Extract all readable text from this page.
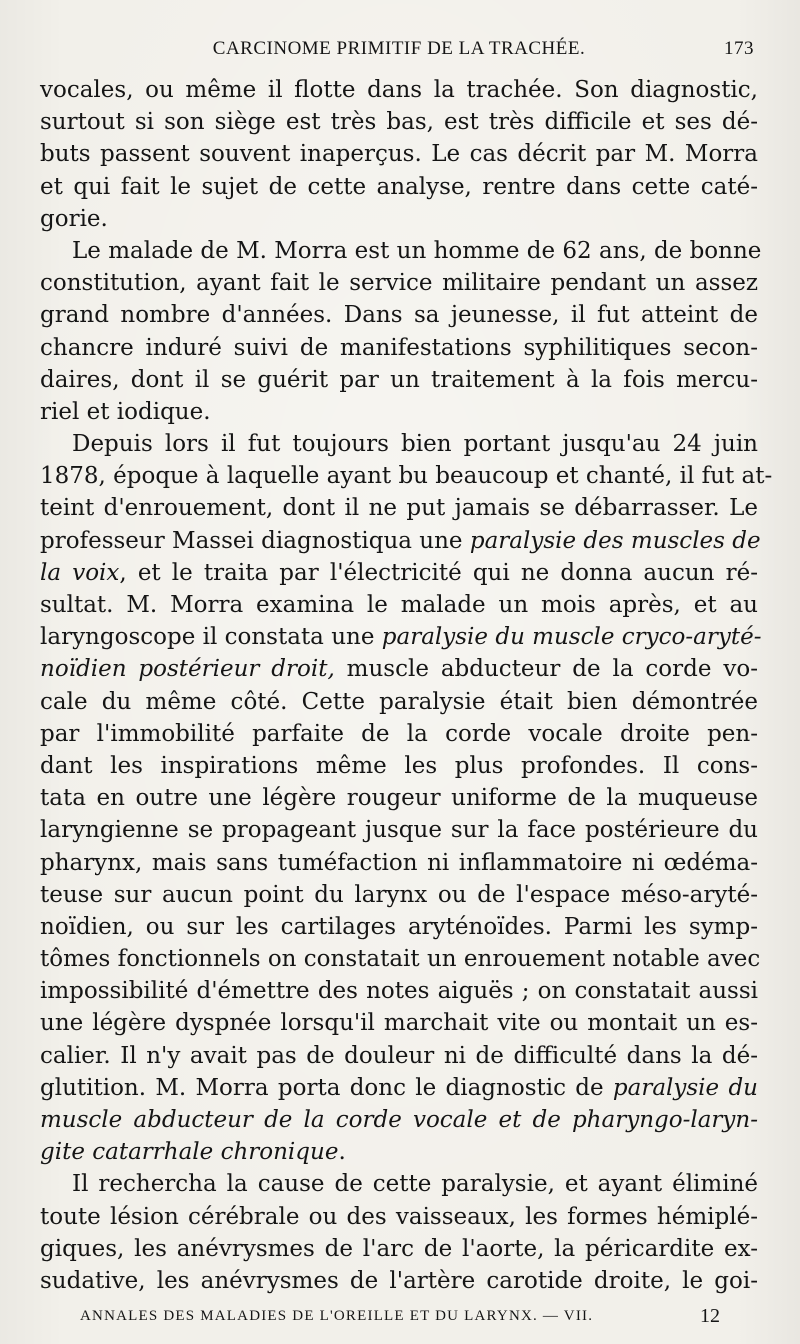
CARCINOME PRIMITIF DE LA TRACHÉE.	173
vocales, ou même il flotte dans la trachée. Son diagnostic,
surtout si son siège est très bas, est très difficile et ses dé-
buts passent souvent inaperçus. Le cas décrit par M. Morra
et qui fait le sujet de cette analyse, rentre dans cette caté-
gorie.
Le malade de M. Morra est un homme de 62 ans, de bonne
constitution, ayant fait le service militaire pendant un assez
grand nombre d'années. Dans sa jeunesse, il fut atteint de
chancre induré suivi de manifestations syphilitiques secon-
daires, dont il se guérit par un traitement à la fois mercu-
riel et iodique.
Depuis lors il fut toujours bien portant jusqu'au 24 juin
1878, époque à laquelle ayant bu beaucoup et chanté, il fut at-
teint d'enrouement, dont il ne put jamais se débarrasser. Le
professeur Massei diagnostiqua une paralysie des muscles de
la voix, et le traita par l'électricité qui ne donna aucun ré-
sultat. M. Morra examina le malade un mois après, et au
laryngoscope il constata une paralysie du muscle cryco-aryté-
noïdien postérieur droit, muscle abducteur de la corde vo-
cale du même côté. Cette paralysie était bien démontrée
par l'immobilité parfaite de la corde vocale droite pen-
dant les inspirations même les plus profondes. Il cons-
tata en outre une légère rougeur uniforme de la muqueuse
laryngienne se propageant jusque sur la face postérieure du
pharynx, mais sans tuméfaction ni inflammatoire ni œdéma-
teuse sur aucun point du larynx ou de l'espace méso-aryté-
noïdien, ou sur les cartilages aryténoïdes. Parmi les symp-
tômes fonctionnels on constatait un enrouement notable avec
impossibilité d'émettre des notes aiguës ; on constatait aussi
une légère dyspnée lorsqu'il marchait vite ou montait un es-
calier. Il n'y avait pas de douleur ni de difficulté dans la dé-
glutition. M. Morra porta donc le diagnostic de paralysie du
muscle abducteur de la corde vocale et de pharyngo-laryn-
gite catarrhale chronique.
Il rechercha la cause de cette paralysie, et ayant éliminé
toute lésion cérébrale ou des vaisseaux, les formes hémiplé-
giques, les anévrysmes de l'arc de l'aorte, la péricardite ex-
sudative, les anévrysmes de l'artère carotide droite, le goi-
ANNALES DES MALADIES DE L'OREILLE ET DU LARYNX. — VII.	12
